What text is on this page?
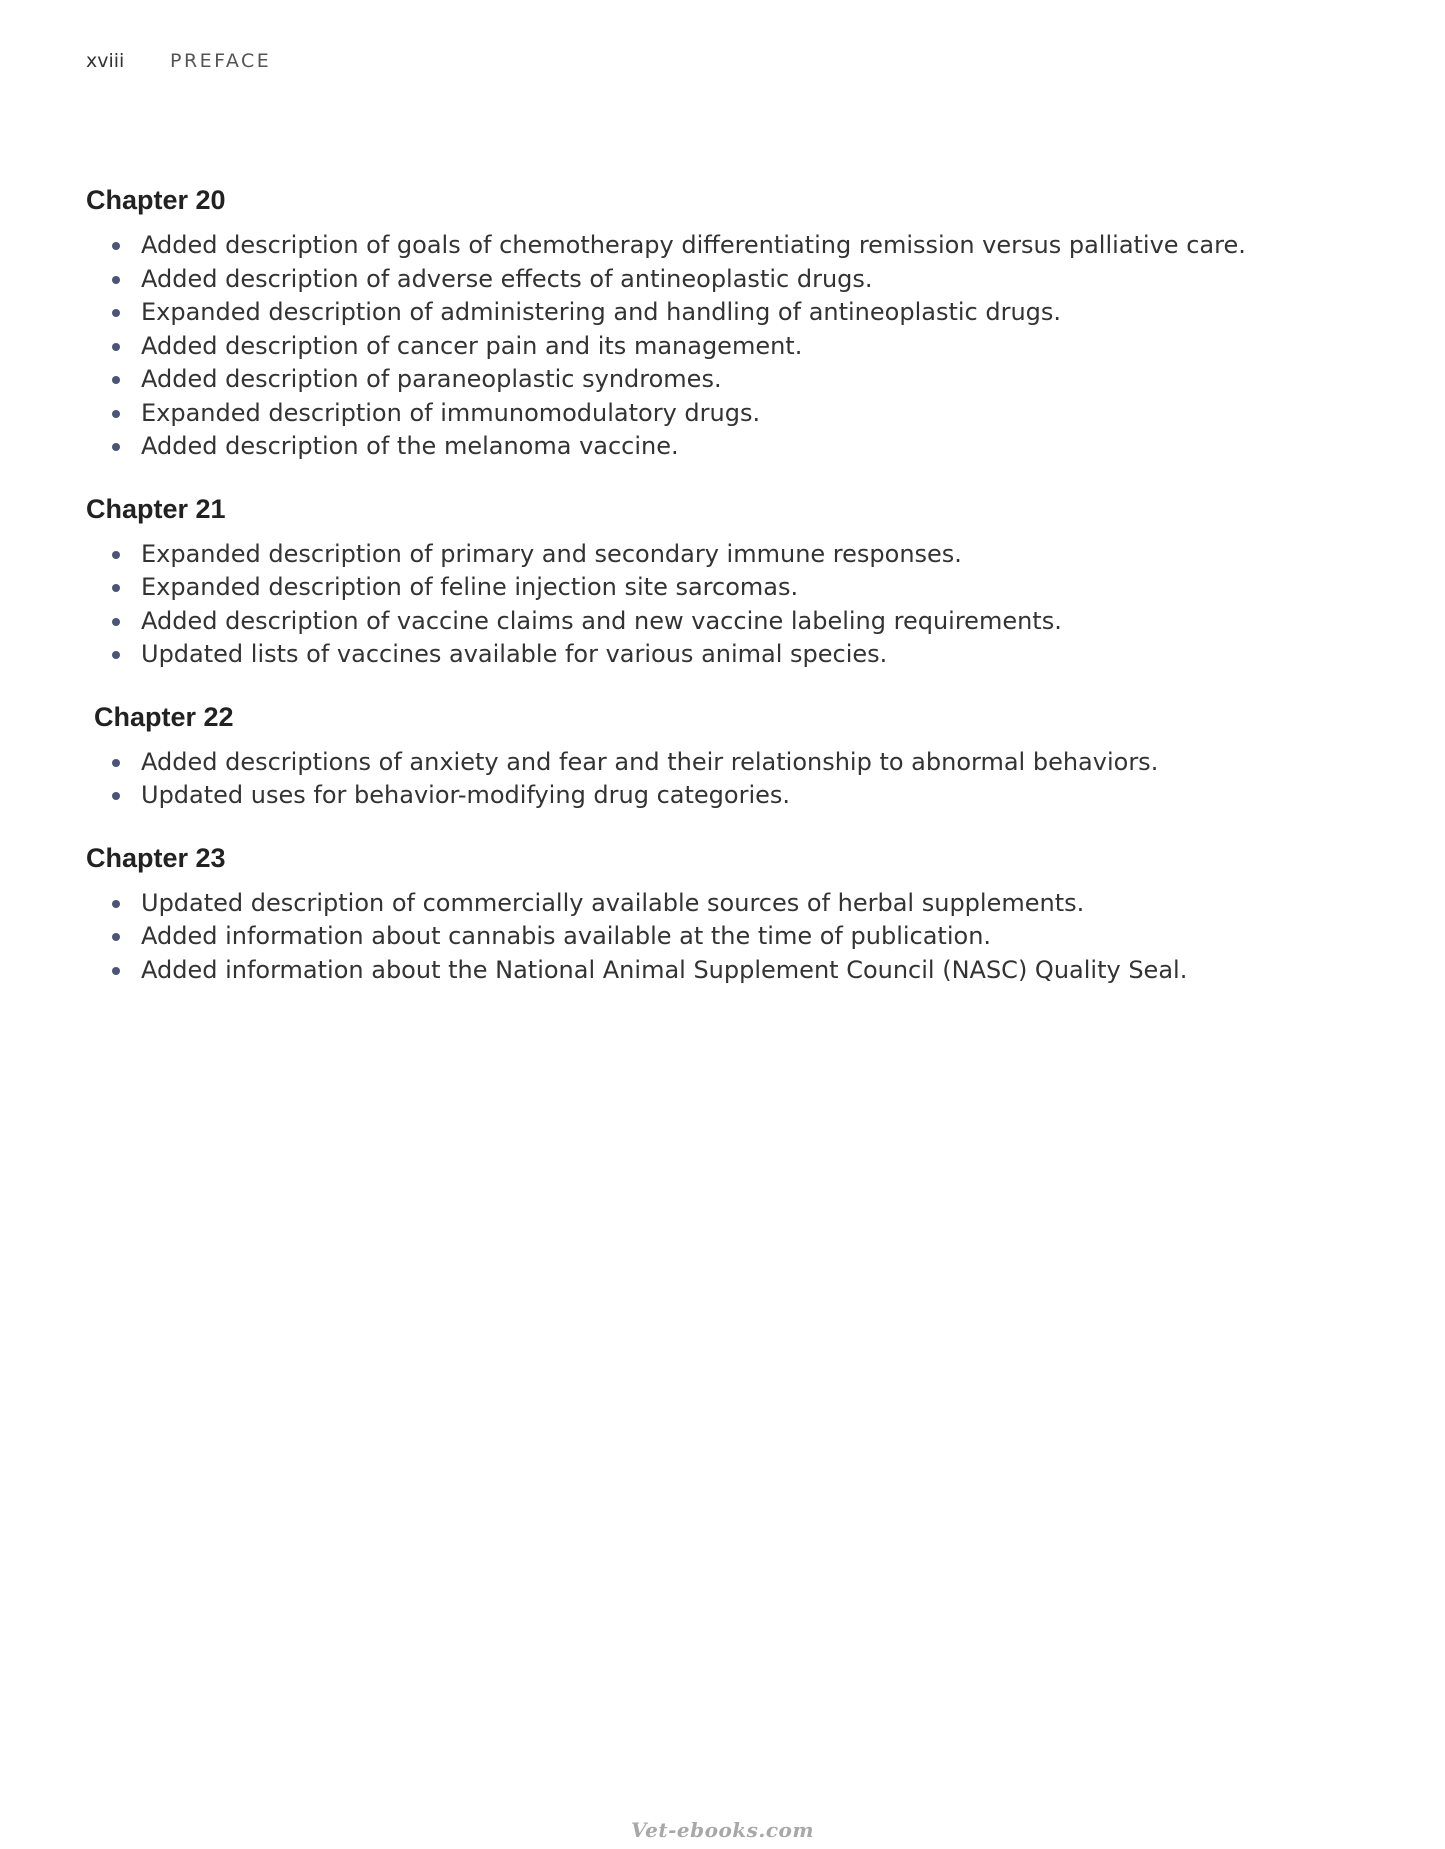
xviii	PREFACE
Chapter 20
Added description of goals of chemotherapy differentiating remission versus palliative care.
Added description of adverse effects of antineoplastic drugs.
Expanded description of administering and handling of antineoplastic drugs.
Added description of cancer pain and its management.
Added description of paraneoplastic syndromes.
Expanded description of immunomodulatory drugs.
Added description of the melanoma vaccine.
Chapter 21
Expanded description of primary and secondary immune responses.
Expanded description of feline injection site sarcomas.
Added description of vaccine claims and new vaccine labeling requirements.
Updated lists of vaccines available for various animal species.
Chapter 22
Added descriptions of anxiety and fear and their relationship to abnormal behaviors.
Updated uses for behavior-modifying drug categories.
Chapter 23
Updated description of commercially available sources of herbal supplements.
Added information about cannabis available at the time of publication.
Added information about the National Animal Supplement Council (NASC) Quality Seal.
Vet-ebooks.com
